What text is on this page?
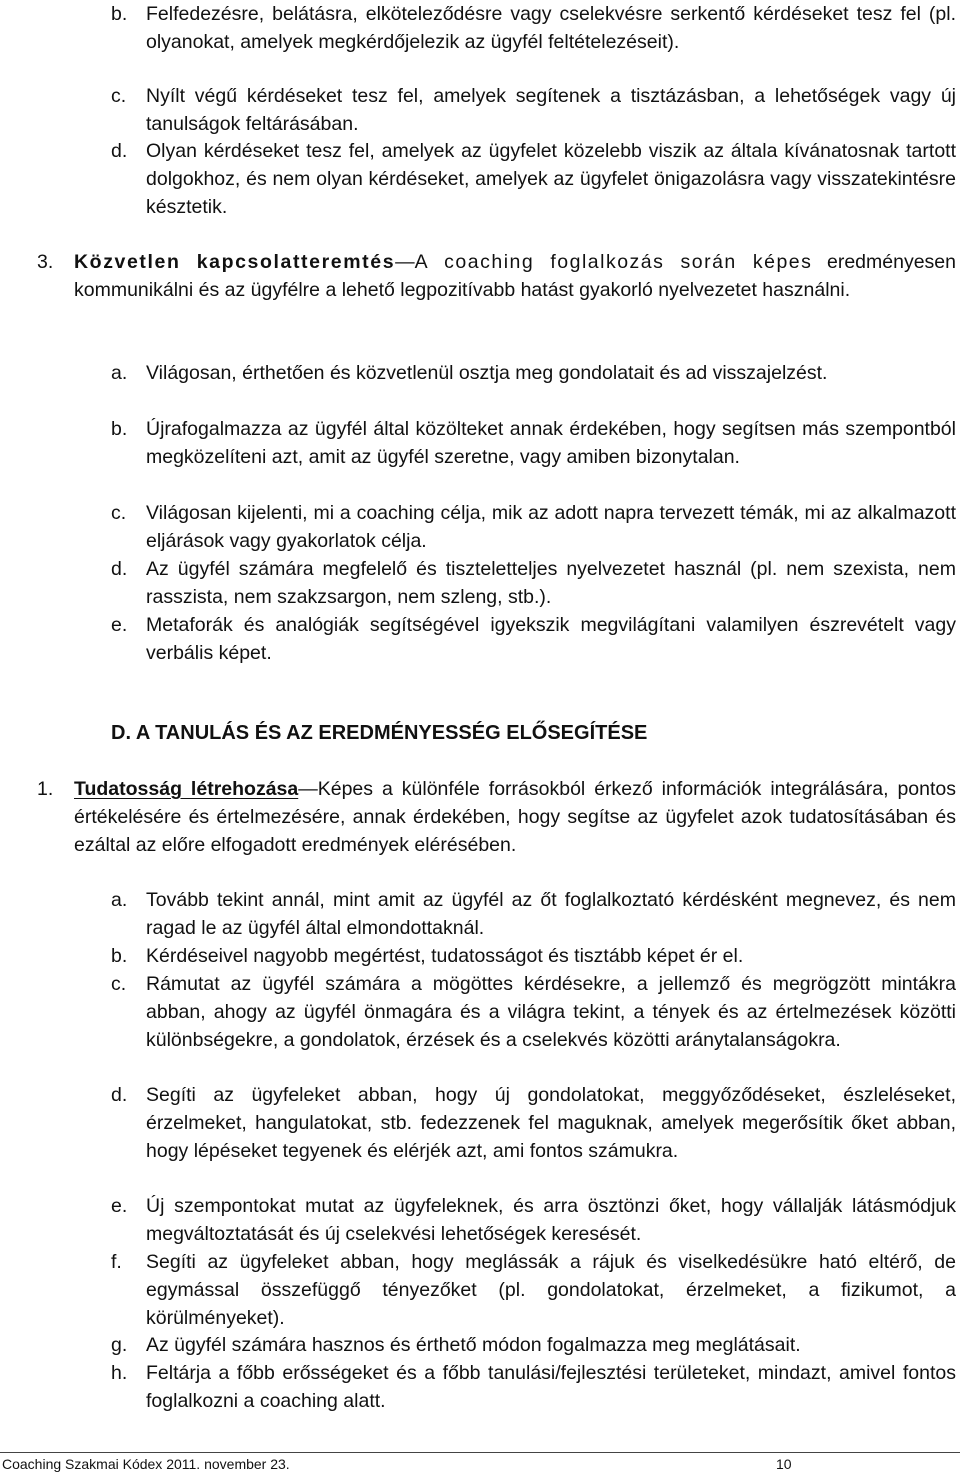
b. Felfedezésre, belátásra, elköteleződésre vagy cselekvésre serkentő kérdéseket tesz fel (pl. olyanokat, amelyek megkérdőjelezik az ügyfél feltételezéseit).
c. Nyílt végű kérdéseket tesz fel, amelyek segítenek a tisztázásban, a lehetőségek vagy új tanulságok feltárásában.
d. Olyan kérdéseket tesz fel, amelyek az ügyfelet közelebb viszik az általa kívánatosnak tartott dolgokhoz, és nem olyan kérdéseket, amelyek az ügyfelet önigazolásra vagy visszatekintésre késztetik.
3. Közvetlen kapcsolatteremtés—A coaching foglalkozás során képes eredményesen kommunikálni és az ügyfélre a lehető legpozitívabb hatást gyakorló nyelvezetet használni.
a. Világosan, érthetően és közvetlenül osztja meg gondolatait és ad visszajelzést.
b. Újrafogalmazza az ügyfél által közölteket annak érdekében, hogy segítsen más szempontból megközelíteni azt, amit az ügyfél szeretne, vagy amiben bizonytalan.
c. Világosan kijelenti, mi a coaching célja, mik az adott napra tervezett témák, mi az alkalmazott eljárások vagy gyakorlatok célja.
d. Az ügyfél számára megfelelő és tiszteletteljes nyelvezetet használ (pl. nem szexista, nem rasszista, nem szakzsargon, nem szleng, stb.).
e. Metaforák és analógiák segítségével igyekszik megvilágítani valamilyen észrevételt vagy verbális képet.
D. A TANULÁS ÉS AZ EREDMÉNYESSÉG ELŐSEGÍTÉSE
1. Tudatosság létrehozása—Képes a különféle forrásokból érkező információk integrálására, pontos értékelésére és értelmezésére, annak érdekében, hogy segítse az ügyfelet azok tudatosításában és ezáltal az előre elfogadott eredmények elérésében.
a. Tovább tekint annál, mint amit az ügyfél az őt foglalkoztató kérdésként megnevez, és nem ragad le az ügyfél által elmondottaknál.
b. Kérdéseivel nagyobb megértést, tudatosságot és tisztább képet ér el.
c. Rámutat az ügyfél számára a mögöttes kérdésekre, a jellemző és megrögzött mintákra abban, ahogy az ügyfél önmagára és a világra tekint, a tények és az értelmezések közötti különbségekre, a gondolatok, érzések és a cselekvés közötti aránytalanságokra.
d. Segíti az ügyfeleket abban, hogy új gondolatokat, meggyőződéseket, észleléseket, érzelmeket, hangulatokat, stb. fedezzenek fel maguknak, amelyek megerősítik őket abban, hogy lépéseket tegyenek és elérjék azt, ami fontos számukra.
e. Új szempontokat mutat az ügyfeleknek, és arra ösztönzi őket, hogy vállalják látásmódjuk megváltoztatását és új cselekvési lehetőségek keresését.
f. Segíti az ügyfeleket abban, hogy meglássák a rájuk és viselkedésükre ható eltérő, de egymással összefüggő tényezőket (pl. gondolatokat, érzelmeket, a fizikumot, a körülményeket).
g. Az ügyfél számára hasznos és érthető módon fogalmazza meg meglátásait.
h. Feltárja a főbb erősségeket és a főbb tanulási/fejlesztési területeket, mindazt, amivel fontos foglalkozni a coaching alatt.
Coaching Szakmai Kódex 2011. november 23.	10
